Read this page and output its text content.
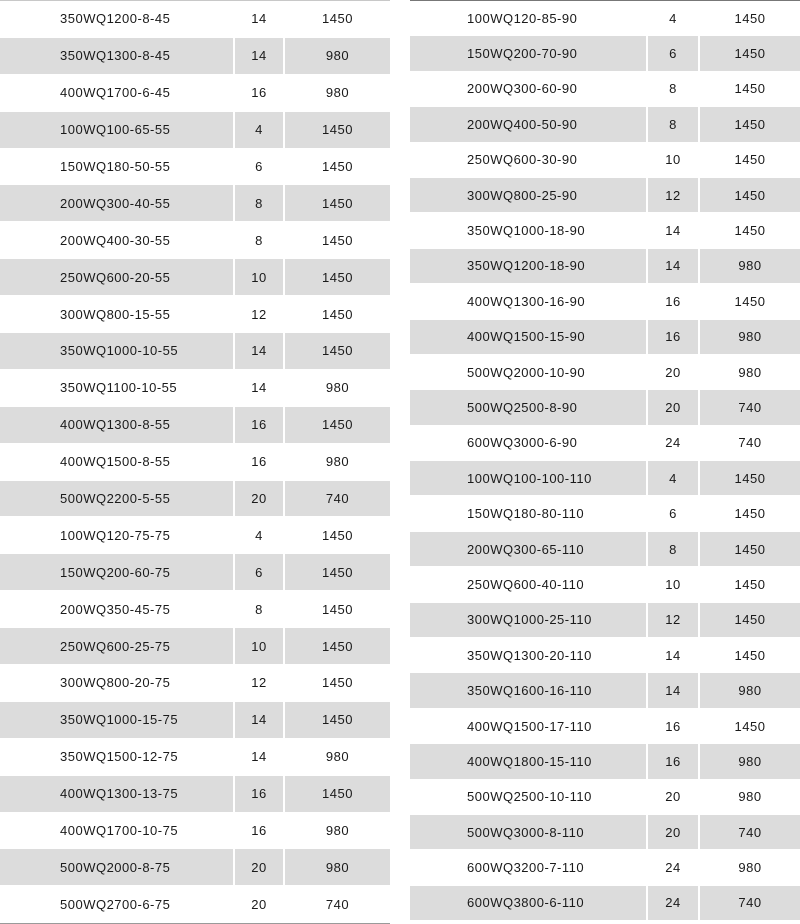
350WQ1200-8-45	14	1450
350WQ1300-8-45	14	980
400WQ1700-6-45	16	980
100WQ100-65-55	4	1450
150WQ180-50-55	6	1450
200WQ300-40-55	8	1450
200WQ400-30-55	8	1450
250WQ600-20-55	10	1450
300WQ800-15-55	12	1450
350WQ1000-10-55	14	1450
350WQ1100-10-55	14	980
400WQ1300-8-55	16	1450
400WQ1500-8-55	16	980
500WQ2200-5-55	20	740
100WQ120-75-75	4	1450
150WQ200-60-75	6	1450
200WQ350-45-75	8	1450
250WQ600-25-75	10	1450
300WQ800-20-75	12	1450
350WQ1000-15-75	14	1450
350WQ1500-12-75	14	980
400WQ1300-13-75	16	1450
400WQ1700-10-75	16	980
500WQ2000-8-75	20	980
500WQ2700-6-75	20	740
100WQ120-85-90	4	1450
150WQ200-70-90	6	1450
200WQ300-60-90	8	1450
200WQ400-50-90	8	1450
250WQ600-30-90	10	1450
300WQ800-25-90	12	1450
350WQ1000-18-90	14	1450
350WQ1200-18-90	14	980
400WQ1300-16-90	16	1450
400WQ1500-15-90	16	980
500WQ2000-10-90	20	980
500WQ2500-8-90	20	740
600WQ3000-6-90	24	740
100WQ100-100-110	4	1450
150WQ180-80-110	6	1450
200WQ300-65-110	8	1450
250WQ600-40-110	10	1450
300WQ1000-25-110	12	1450
350WQ1300-20-110	14	1450
350WQ1600-16-110	14	980
400WQ1500-17-110	16	1450
400WQ1800-15-110	16	980
500WQ2500-10-110	20	980
500WQ3000-8-110	20	740
600WQ3200-7-110	24	980
600WQ3800-6-110	24	740
